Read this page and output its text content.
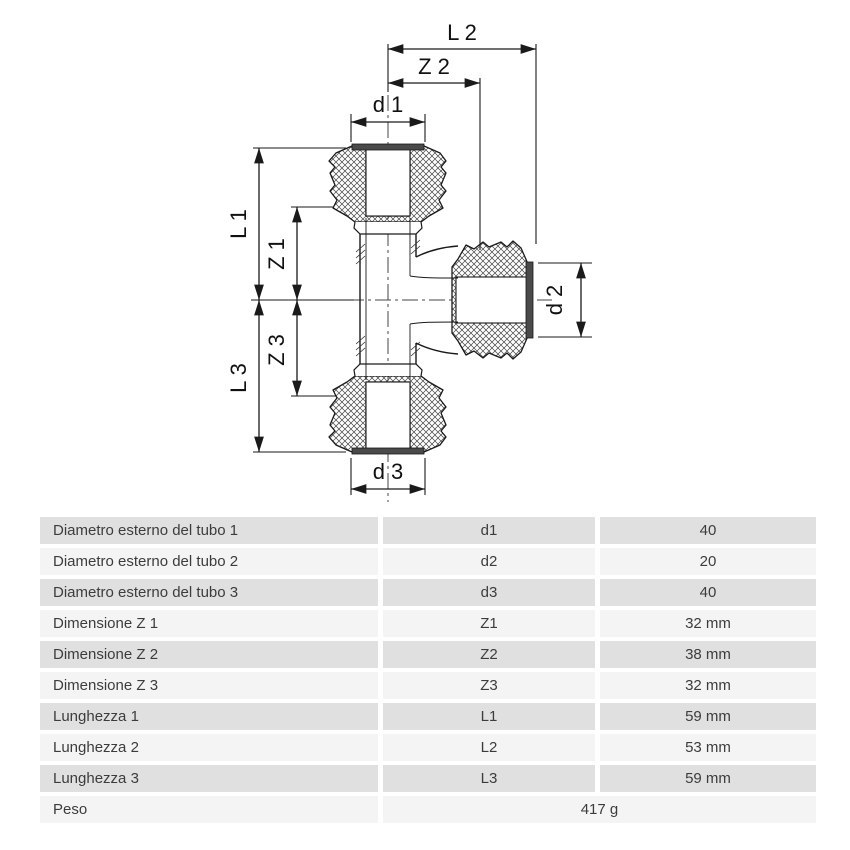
L 2
Z 2
d 1
d 3
L 1
Z 1
L 3
Z 3
d 2
Diametro esterno del tubo 1	d1	40
Diametro esterno del tubo 2	d2	20
Diametro esterno del tubo 3	d3	40
Dimensione Z 1	Z1	32 mm
Dimensione Z 2	Z2	38 mm
Dimensione Z 3	Z3	32 mm
Lunghezza 1	L1	59 mm
Lunghezza 2	L2	53 mm
Lunghezza 3	L3	59 mm
Peso	417 g
